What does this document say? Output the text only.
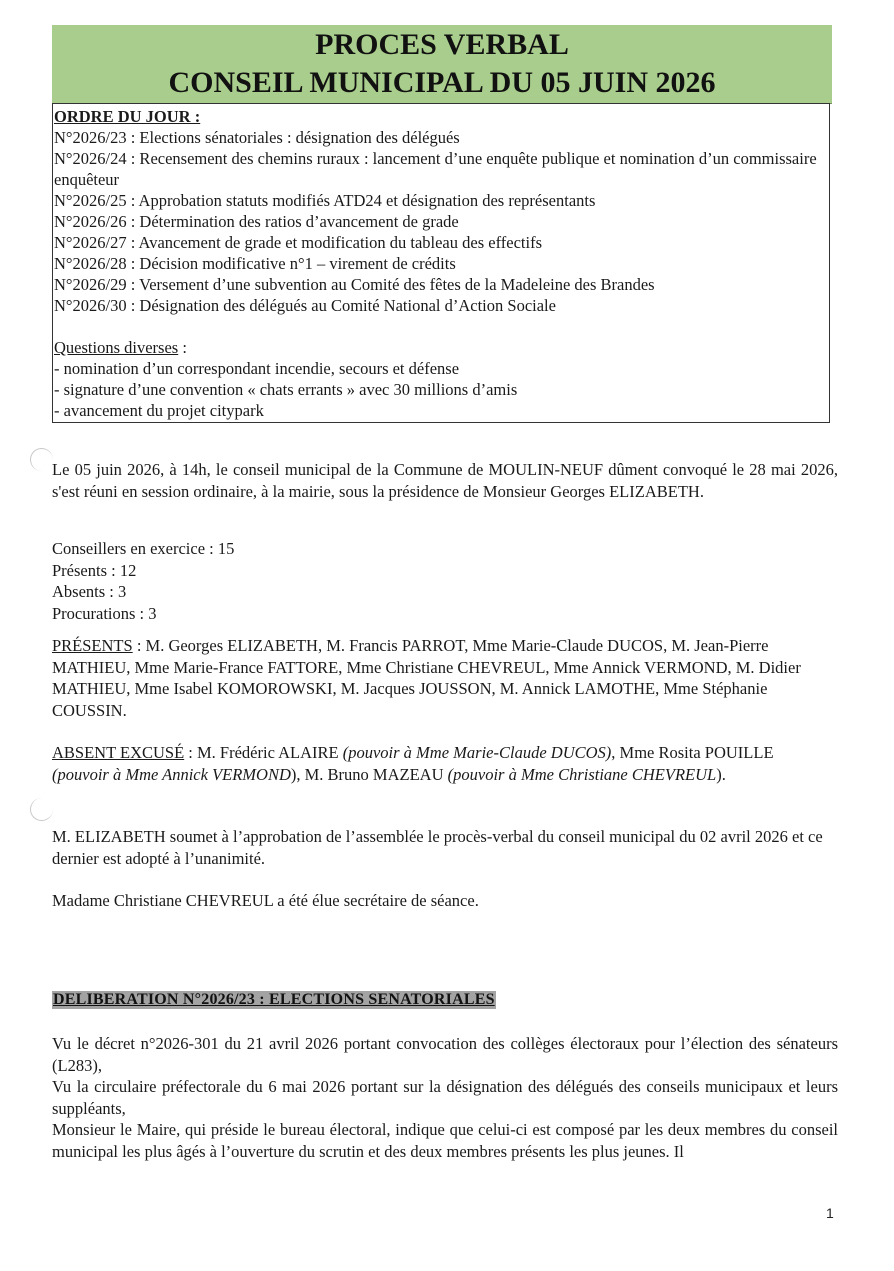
PROCES VERBAL
CONSEIL MUNICIPAL DU 05 JUIN 2026
ORDRE DU JOUR :
N°2026/23 : Elections sénatoriales : désignation des délégués
N°2026/24 : Recensement des chemins ruraux : lancement d’une enquête publique et nomination d’un commissaire enquêteur
N°2026/25 : Approbation statuts modifiés ATD24 et désignation des représentants
N°2026/26 : Détermination des ratios d’avancement de grade
N°2026/27 : Avancement de grade et modification du tableau des effectifs
N°2026/28 : Décision modificative n°1 – virement de crédits
N°2026/29 : Versement d’une subvention au Comité des fêtes de la Madeleine des Brandes
N°2026/30 : Désignation des délégués au Comité National d’Action Sociale
Questions diverses :
- nomination d’un correspondant incendie, secours et défense
- signature d’une convention « chats errants » avec 30 millions d’amis
- avancement du projet citypark
Le 05 juin 2026, à 14h, le conseil municipal de la Commune de MOULIN-NEUF dûment convoqué le 28 mai 2026, s'est réuni en session ordinaire, à la mairie, sous la présidence de Monsieur Georges ELIZABETH.
Conseillers en exercice : 15
Présents : 12
Absents : 3
Procurations : 3
PRÉSENTS : M. Georges ELIZABETH, M. Francis PARROT, Mme Marie-Claude DUCOS, M. Jean-Pierre MATHIEU, Mme Marie-France FATTORE, Mme Christiane CHEVREUL, Mme Annick VERMOND, M. Didier MATHIEU, Mme Isabel KOMOROWSKI, M. Jacques JOUSSON, M. Annick LAMOTHE, Mme Stéphanie COUSSIN.
ABSENT EXCUSÉ : M. Frédéric ALAIRE (pouvoir à Mme Marie-Claude DUCOS), Mme Rosita POUILLE (pouvoir à Mme Annick VERMOND), M. Bruno MAZEAU (pouvoir à Mme Christiane CHEVREUL).
M. ELIZABETH soumet à l’approbation de l’assemblée le procès-verbal du conseil municipal du 02 avril 2026 et ce dernier est adopté à l’unanimité.
Madame Christiane CHEVREUL a été élue secrétaire de séance.
DELIBERATION N°2026/23 : ELECTIONS SENATORIALES
Vu le décret n°2026-301 du 21 avril 2026 portant convocation des collèges électoraux pour l’élection des sénateurs (L283),
Vu la circulaire préfectorale du 6 mai 2026 portant sur la désignation des délégués des conseils municipaux et leurs suppléants,
Monsieur le Maire, qui préside le bureau électoral, indique que celui-ci est composé par les deux membres du conseil municipal les plus âgés à l’ouverture du scrutin et des deux membres présents les plus jeunes. Il
1
